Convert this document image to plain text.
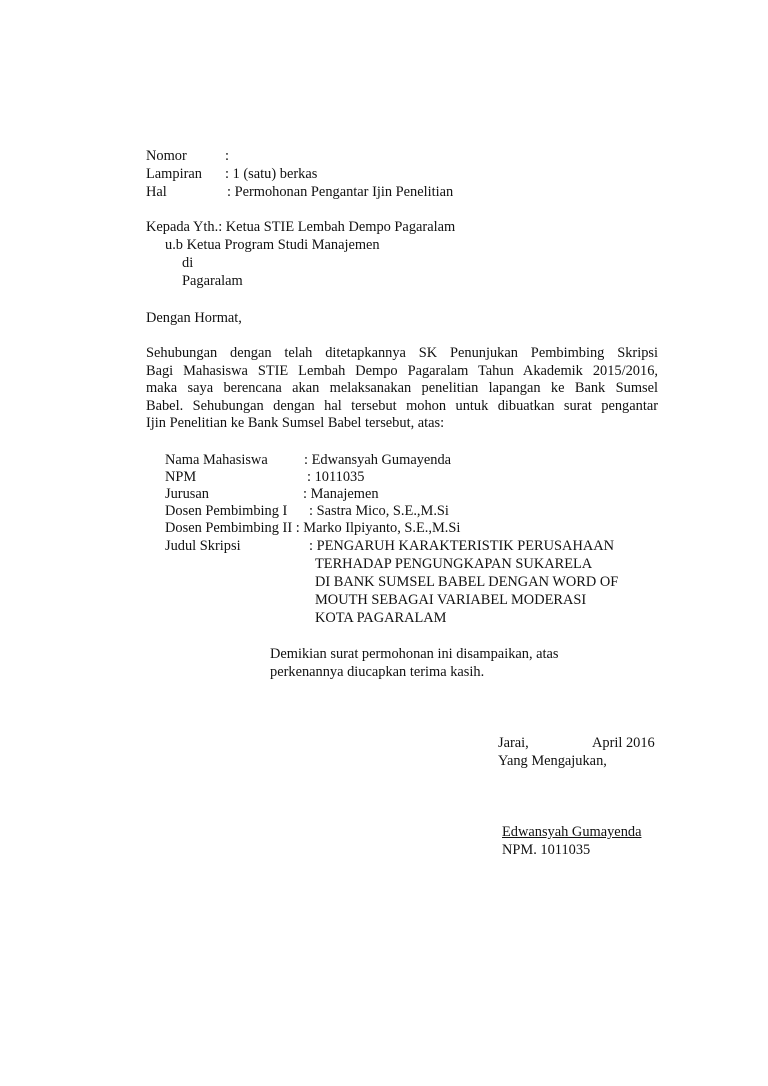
Nomor	:
Lampiran : 1 (satu) berkas
Hal	: Permohonan Pengantar Ijin Penelitian
Kepada Yth.: Ketua STIE Lembah Dempo Pagaralam
u.b Ketua Program Studi Manajemen
di
Pagaralam
Dengan Hormat,
Sehubungan dengan telah ditetapkannya SK Penunjukan Pembimbing Skripsi
Bagi Mahasiswa STIE Lembah Dempo Pagaralam Tahun Akademik 2015/2016,
maka saya berencana akan melaksanakan penelitian lapangan ke Bank Sumsel
Babel. Sehubungan dengan hal tersebut mohon untuk dibuatkan surat pengantar
Ijin Penelitian ke Bank Sumsel Babel tersebut, atas:
Nama Mahasiswa	: Edwansyah Gumayenda
NPM	: 1011035
Jurusan	: Manajemen
Dosen Pembimbing I : Sastra Mico, S.E.,M.Si
Dosen Pembimbing II : Marko Ilpiyanto, S.E.,M.Si
Judul Skripsi	: PENGARUH KARAKTERISTIK PERUSAHAAN
TERHADAP PENGUNGKAPAN SUKARELA
DI BANK SUMSEL BABEL DENGAN WORD OF
MOUTH SEBAGAI VARIABEL MODERASI
KOTA PAGARALAM
Demikian surat permohonan ini disampaikan, atas
perkenannya diucapkan terima kasih.
Jarai,	April 2016
Yang Mengajukan,
Edwansyah Gumayenda
NPM. 1011035
